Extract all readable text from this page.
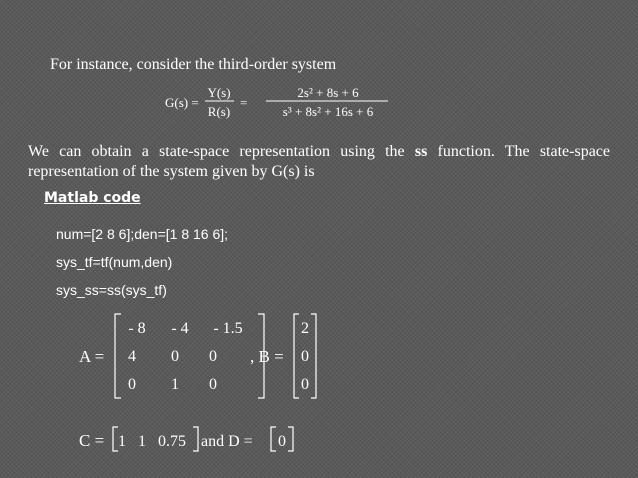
For instance, consider the third-order system
G(s) =
Y(s)
R(s)
=
2s² + 8s + 6
s³ + 8s² + 16s + 6
We can obtain a state-space representation using the ss function. The state-space representation of the system given by G(s) is
Matlab code
num=[2 8 6];den=[1 8 16 6];
sys_tf=tf(num,den)
sys_ss=ss(sys_tf)
A =
- 8 - 4 - 1.5
4 0 0
0 1 0
, B =
2
0
0
C = 1 1 0.75 and D = 0
